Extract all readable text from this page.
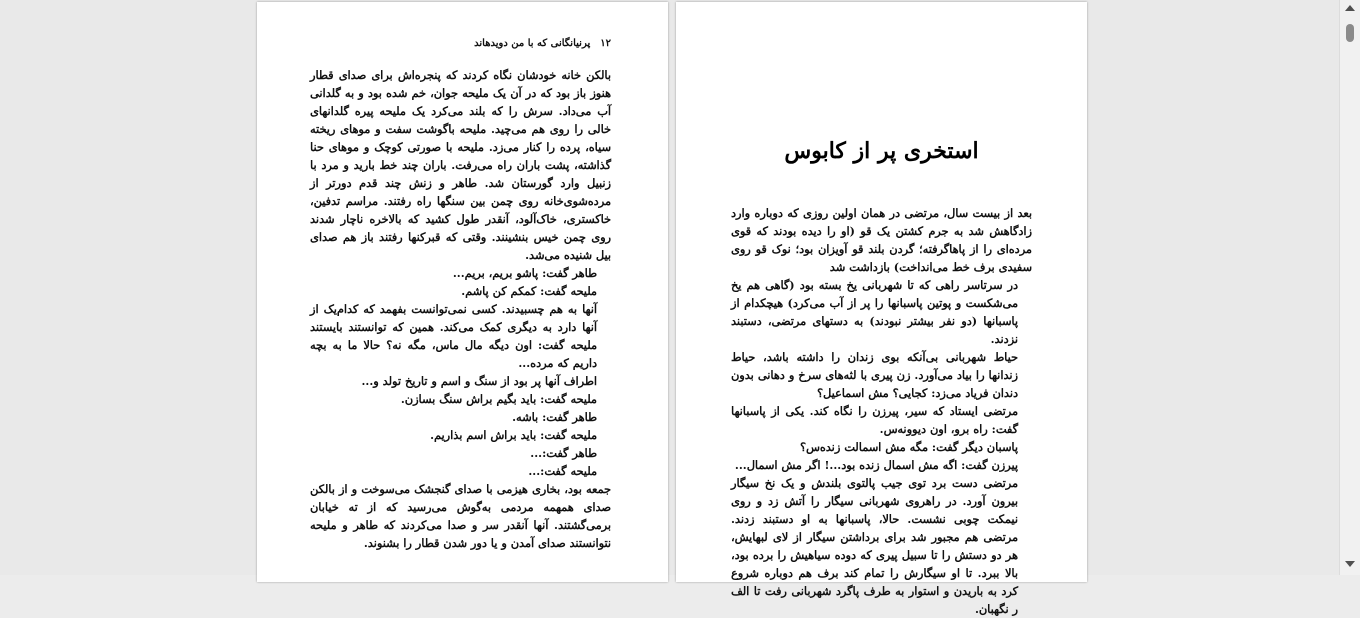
۱۲
پرنیانگانی که با من دویدهاند

بالکن خانه خودشان نگاه کردند که پنجره‌اش برای صدای قطار هنوز باز بود که در آن یک ملیحه جوان، خم شده بود و به گلدانی آب می‌داد. سرش را که بلند می‌کرد یک ملیحه پیره گلدانهای خالی را روی هم می‌چید. ملیحه باگوشت سفت و موهای ریخته سیاه، پرده را کنار می‌زد. ملیحه با صورتی کوچک و موهای حنا گذاشته، پشت باران راه می‌رفت. باران چند خط بارید و مرد با زنبیل وارد گورستان شد. طاهر و زنش چند قدم دورتر از مرده‌شوی‌خانه روی چمن بین سنگها راه رفتند. مراسم تدفین، خاکستری، خاک‌آلود، آنقدر طول کشید که بالاخره ناچار شدند روی چمن خیس بنشینند. وقتی که قبرکنها رفتند باز هم صدای بیل شنیده می‌شد.

طاهر گفت: پاشو بریم، بریم...

ملیحه گفت: کمکم کن پاشم.

آنها به هم چسبیدند. کسی نمی‌توانست بفهمد که کدام‌یک از آنها دارد به دیگری کمک می‌کند. همین که توانستند بایستند ملیحه گفت: اون دیگه مال ماس، مگه نه؟ حالا ما به بچه داریم که مرده...

اطراف آنها پر بود از سنگ و اسم و تاریخ تولد و...

ملیحه گفت: باید بگیم براش سنگ بسازن.

طاهر گفت: باشه.

ملیحه گفت: باید براش اسم بذاریم.

طاهر گفت:...

ملیحه گفت:...

جمعه بود، بخاری هیزمی با صدای گنجشک می‌سوخت و از بالکن صدای همهمه مردمی به‌گوش می‌رسید که از ته خیابان برمی‌گشتند. آنها آنقدر سر و صدا می‌کردند که طاهر و ملیحه نتوانستند صدای آمدن و یا دور شدن قطار را بشنوند.

استخری پر از کابوس

بعد از بیست سال، مرتضی در همان اولین روزی که دوباره وارد زادگاهش شد به جرم کشتن یک قو (او را دیده بودند که قوی مرده‌ای را از پاهاگرفته؛ گردن بلند قو آویزان بود؛ نوک قو روی سفیدی برف خط می‌انداخت) بازداشت شد

در سرتاسر راهی که تا شهربانی یخ بسته بود (گاهی هم یخ می‌شکست و پوتین پاسبانها را پر از آب می‌کرد) هیچکدام از پاسبانها (دو نفر بیشتر نبودند) به دستهای مرتضی، دستبند نزدند.

حیاط شهربانی بی‌آنکه بوی زندان را داشته باشد، حیاط زندانها را بیاد می‌آورد. زن پیری با لثه‌های سرخ و دهانی بدون دندان فریاد می‌زد: کجایی؟ مش اسماعیل؟

مرتضی ایستاد که سیر، پیرزن را نگاه کند. یکی از پاسبانها گفت: راه برو، اون دیوونه‌س.

پاسبان دیگر گفت: مگه مش اسمالت زنده‌س؟

پیرزن گفت: اگه مش اسمال زنده بود...! اگر مش اسمال...

مرتضی دست برد توی جیب پالتوی بلندش و یک نخ سیگار بیرون آورد. در راهروی شهربانی سیگار را آتش زد و روی نیمکت چوبی نشست. حالا، پاسبانها به او دستبند زدند. مرتضی هم مجبور شد برای برداشتن سیگار از لای لبهایش، هر دو دستش را تا سبیل پیری که دوده سیاهیش را برده بود، بالا ببرد. تا او سیگارش را تمام کند برف هم دوباره شروع کرد به باریدن و استوار به طرف پاگرد شهربانی رفت تا الف ر نگهبان.
